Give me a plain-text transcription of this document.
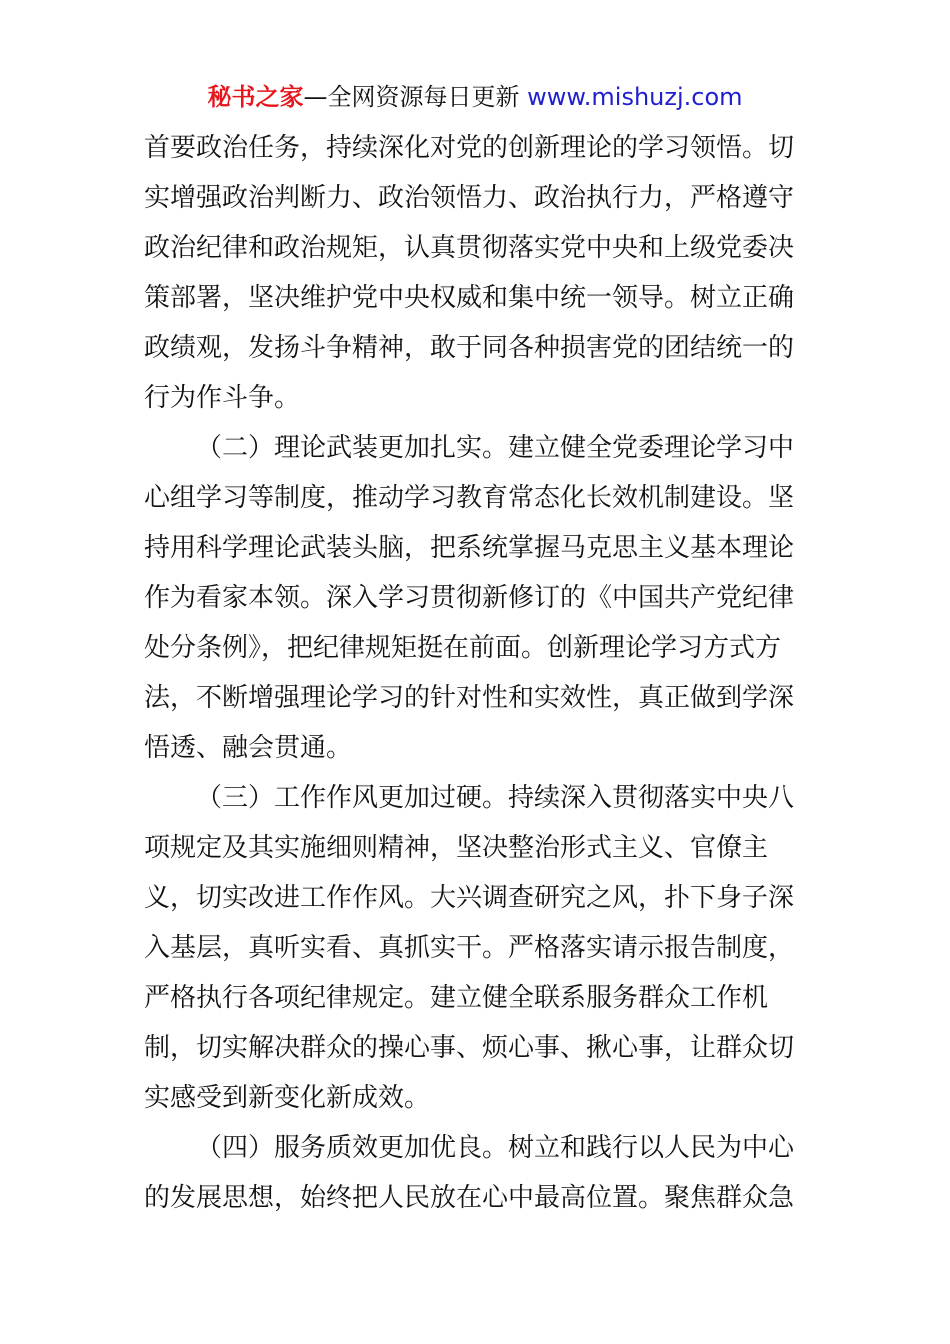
秘书之家—全网资源每日更新 www.mishuzj.com
首要政治任务，持续深化对党的创新理论的学习领悟。切
实增强政治判断力、政治领悟力、政治执行力，严格遵守
政治纪律和政治规矩，认真贯彻落实党中央和上级党委决
策部署，坚决维护党中央权威和集中统一领导。树立正确
政绩观，发扬斗争精神，敢于同各种损害党的团结统一的
行为作斗争。
（二）理论武装更加扎实。建立健全党委理论学习中
心组学习等制度，推动学习教育常态化长效机制建设。坚
持用科学理论武装头脑，把系统掌握马克思主义基本理论
作为看家本领。深入学习贯彻新修订的《中国共产党纪律
处分条例》，把纪律规矩挺在前面。创新理论学习方式方
法，不断增强理论学习的针对性和实效性，真正做到学深
悟透、融会贯通。
（三）工作作风更加过硬。持续深入贯彻落实中央八
项规定及其实施细则精神，坚决整治形式主义、官僚主
义，切实改进工作作风。大兴调查研究之风，扑下身子深
入基层，真听实看、真抓实干。严格落实请示报告制度，
严格执行各项纪律规定。建立健全联系服务群众工作机
制，切实解决群众的操心事、烦心事、揪心事，让群众切
实感受到新变化新成效。
（四）服务质效更加优良。树立和践行以人民为中心
的发展思想，始终把人民放在心中最高位置。聚焦群众急
